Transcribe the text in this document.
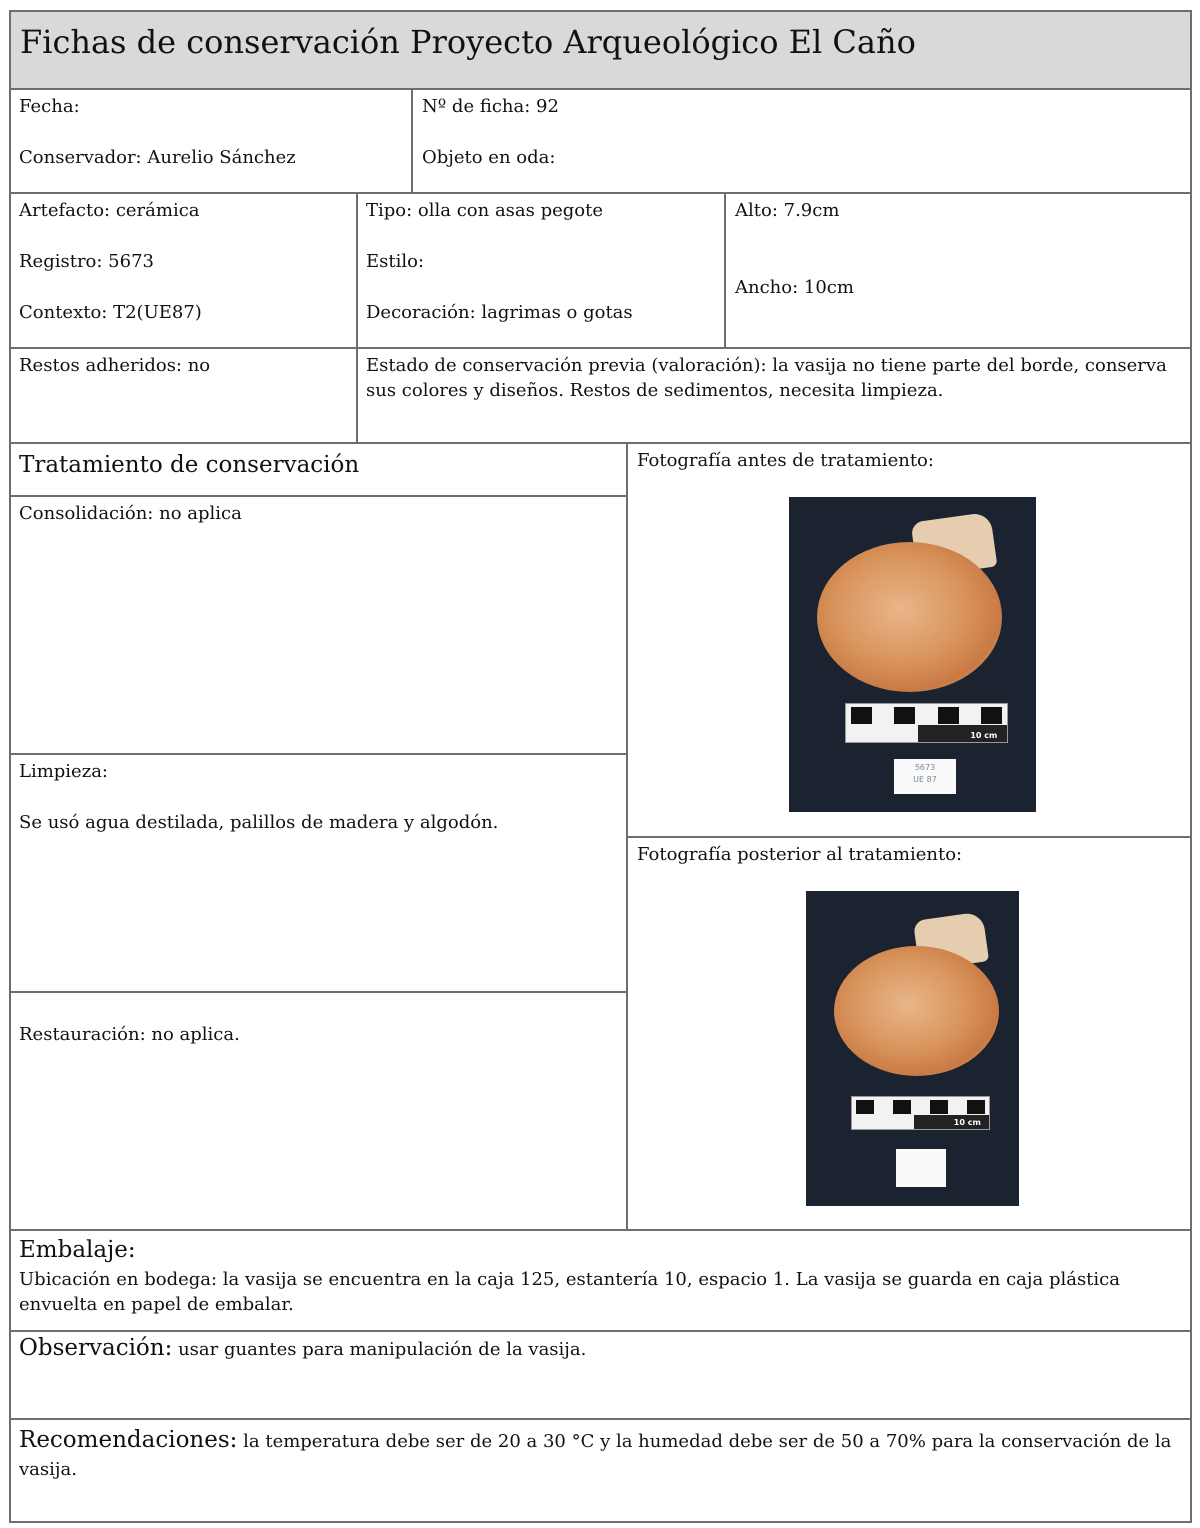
Fichas de conservación Proyecto Arqueológico El Caño
Fecha:
Conservador: Aurelio Sánchez
Nº de ficha: 92
Objeto en oda:
Artefacto: cerámica
Registro: 5673
Contexto: T2(UE87)
Tipo: olla con asas pegote
Estilo:
Decoración: lagrimas o gotas
Alto: 7.9cm
Ancho: 10cm
Restos adheridos: no	Estado de conservación previa (valoración): la vasija no tiene parte del borde, conserva sus colores y diseños. Restos de sedimentos, necesita limpieza.
Tratamiento de conservación
Consolidación: no aplica
Limpieza:
Se usó agua destilada, palillos de madera y algodón.
Restauración: no aplica.
Fotografía antes de tratamiento:
10 cm
5673
UE 87
Fotografía posterior al tratamiento:
10 cm
Embalaje:
Ubicación en bodega: la vasija se encuentra en la caja 125, estantería 10, espacio 1. La vasija se guarda en caja plástica envuelta en papel de embalar.
Observación: usar guantes para manipulación de la vasija.
Recomendaciones: la temperatura debe ser de 20 a 30 °C y la humedad debe ser de 50 a 70% para la conservación de la vasija.
